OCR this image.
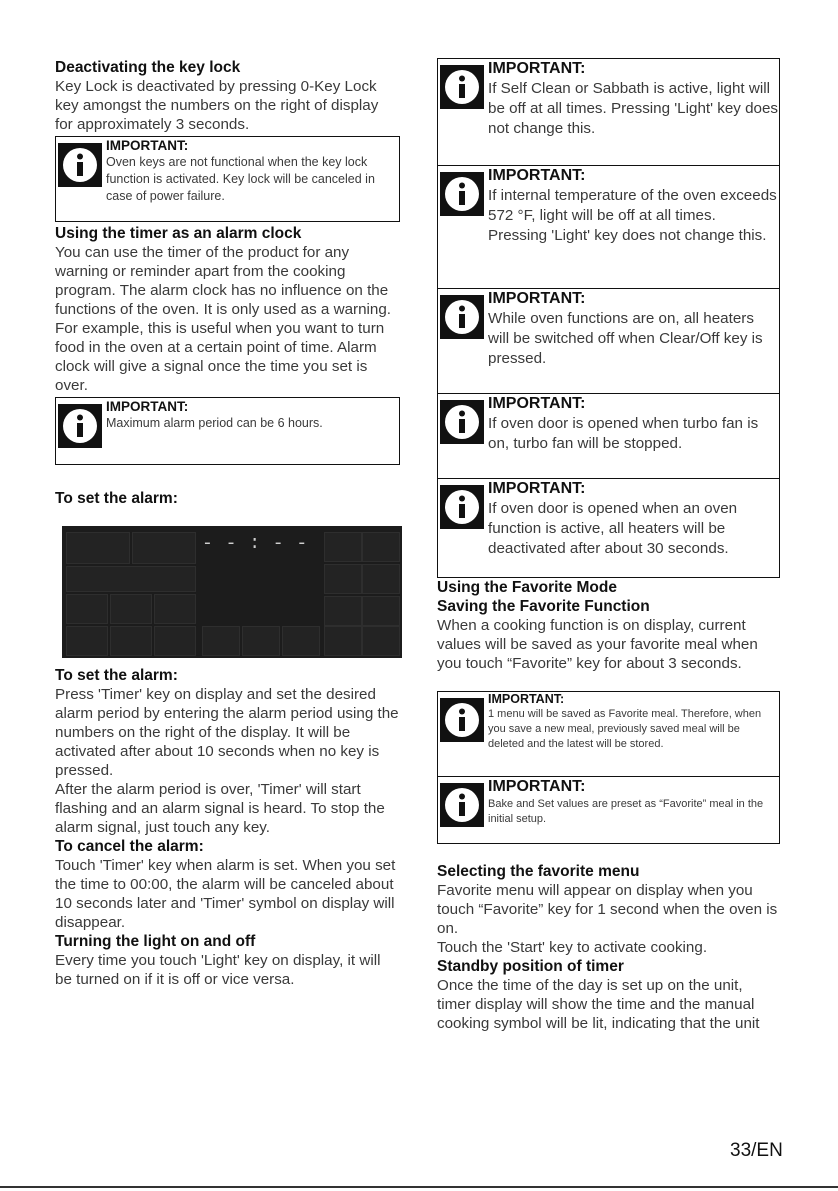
Deactivating the key lock

Key Lock is deactivated by pressing 0-Key Lock key amongst the numbers on the right of display for approximately 3 seconds.

IMPORTANT:
Oven keys are not functional when the key lock function is activated. Key lock will be canceled in case of power failure.
Using the timer as an alarm clock

You can use the timer of the product for any warning or reminder apart from the cooking program. The alarm clock has no influence on the functions of the oven. It is only used as a warning. For example, this is useful when you want to turn food in the oven at a certain point of time. Alarm clock will give a signal once the time you set is over.

IMPORTANT:
Maximum alarm period can be 6 hours.
To set the alarm:
- - : - -
To set the alarm:

Press 'Timer' key on display and set the desired alarm period by entering the alarm period using the numbers on the right of the display. It will be activated after about 10 seconds when no key is pressed.

After the alarm period is over, 'Timer' will start flashing and an alarm signal is heard. To stop the alarm signal, just touch any key.

To cancel the alarm:

Touch 'Timer' key when alarm is set. When you set the time to 00:00, the alarm will be canceled about 10 seconds later and 'Timer' symbol on display will disappear.

Turning the light on and off

Every time you touch 'Light' key on display, it will be turned on if it is off or vice versa.

IMPORTANT:
If Self Clean or Sabbath is active, light will be off at all times. Pressing 'Light' key does not change this.
IMPORTANT:
If internal temperature of the oven exceeds 572 °F, light will be off at all times. Pressing 'Light' key does not change this.
IMPORTANT:
While oven functions are on, all heaters will be switched off when Clear/Off key is pressed.
IMPORTANT:
If oven door is opened when turbo fan is on, turbo fan will be stopped.
IMPORTANT:
If oven door is opened when an oven function is active, all heaters will be deactivated after about 30 seconds.
Using the Favorite Mode
Saving the Favorite Function

When a cooking function is on display, current values will be saved as your favorite meal when you touch “Favorite” key for about 3 seconds.

IMPORTANT:
1 menu will be saved as Favorite meal. Therefore, when you save a new meal, previously saved meal will be deleted and the latest will be stored.
IMPORTANT:
Bake and Set values are preset as “Favorite” meal in the initial setup.
Selecting the favorite menu

Favorite menu will appear on display when you touch “Favorite” key for 1 second when the oven is on.

Touch the 'Start' key to activate cooking.

Standby position of timer

Once the time of the day is set up on the unit, timer display will show the time and the manual cooking symbol will be lit, indicating that the unit

33/EN
